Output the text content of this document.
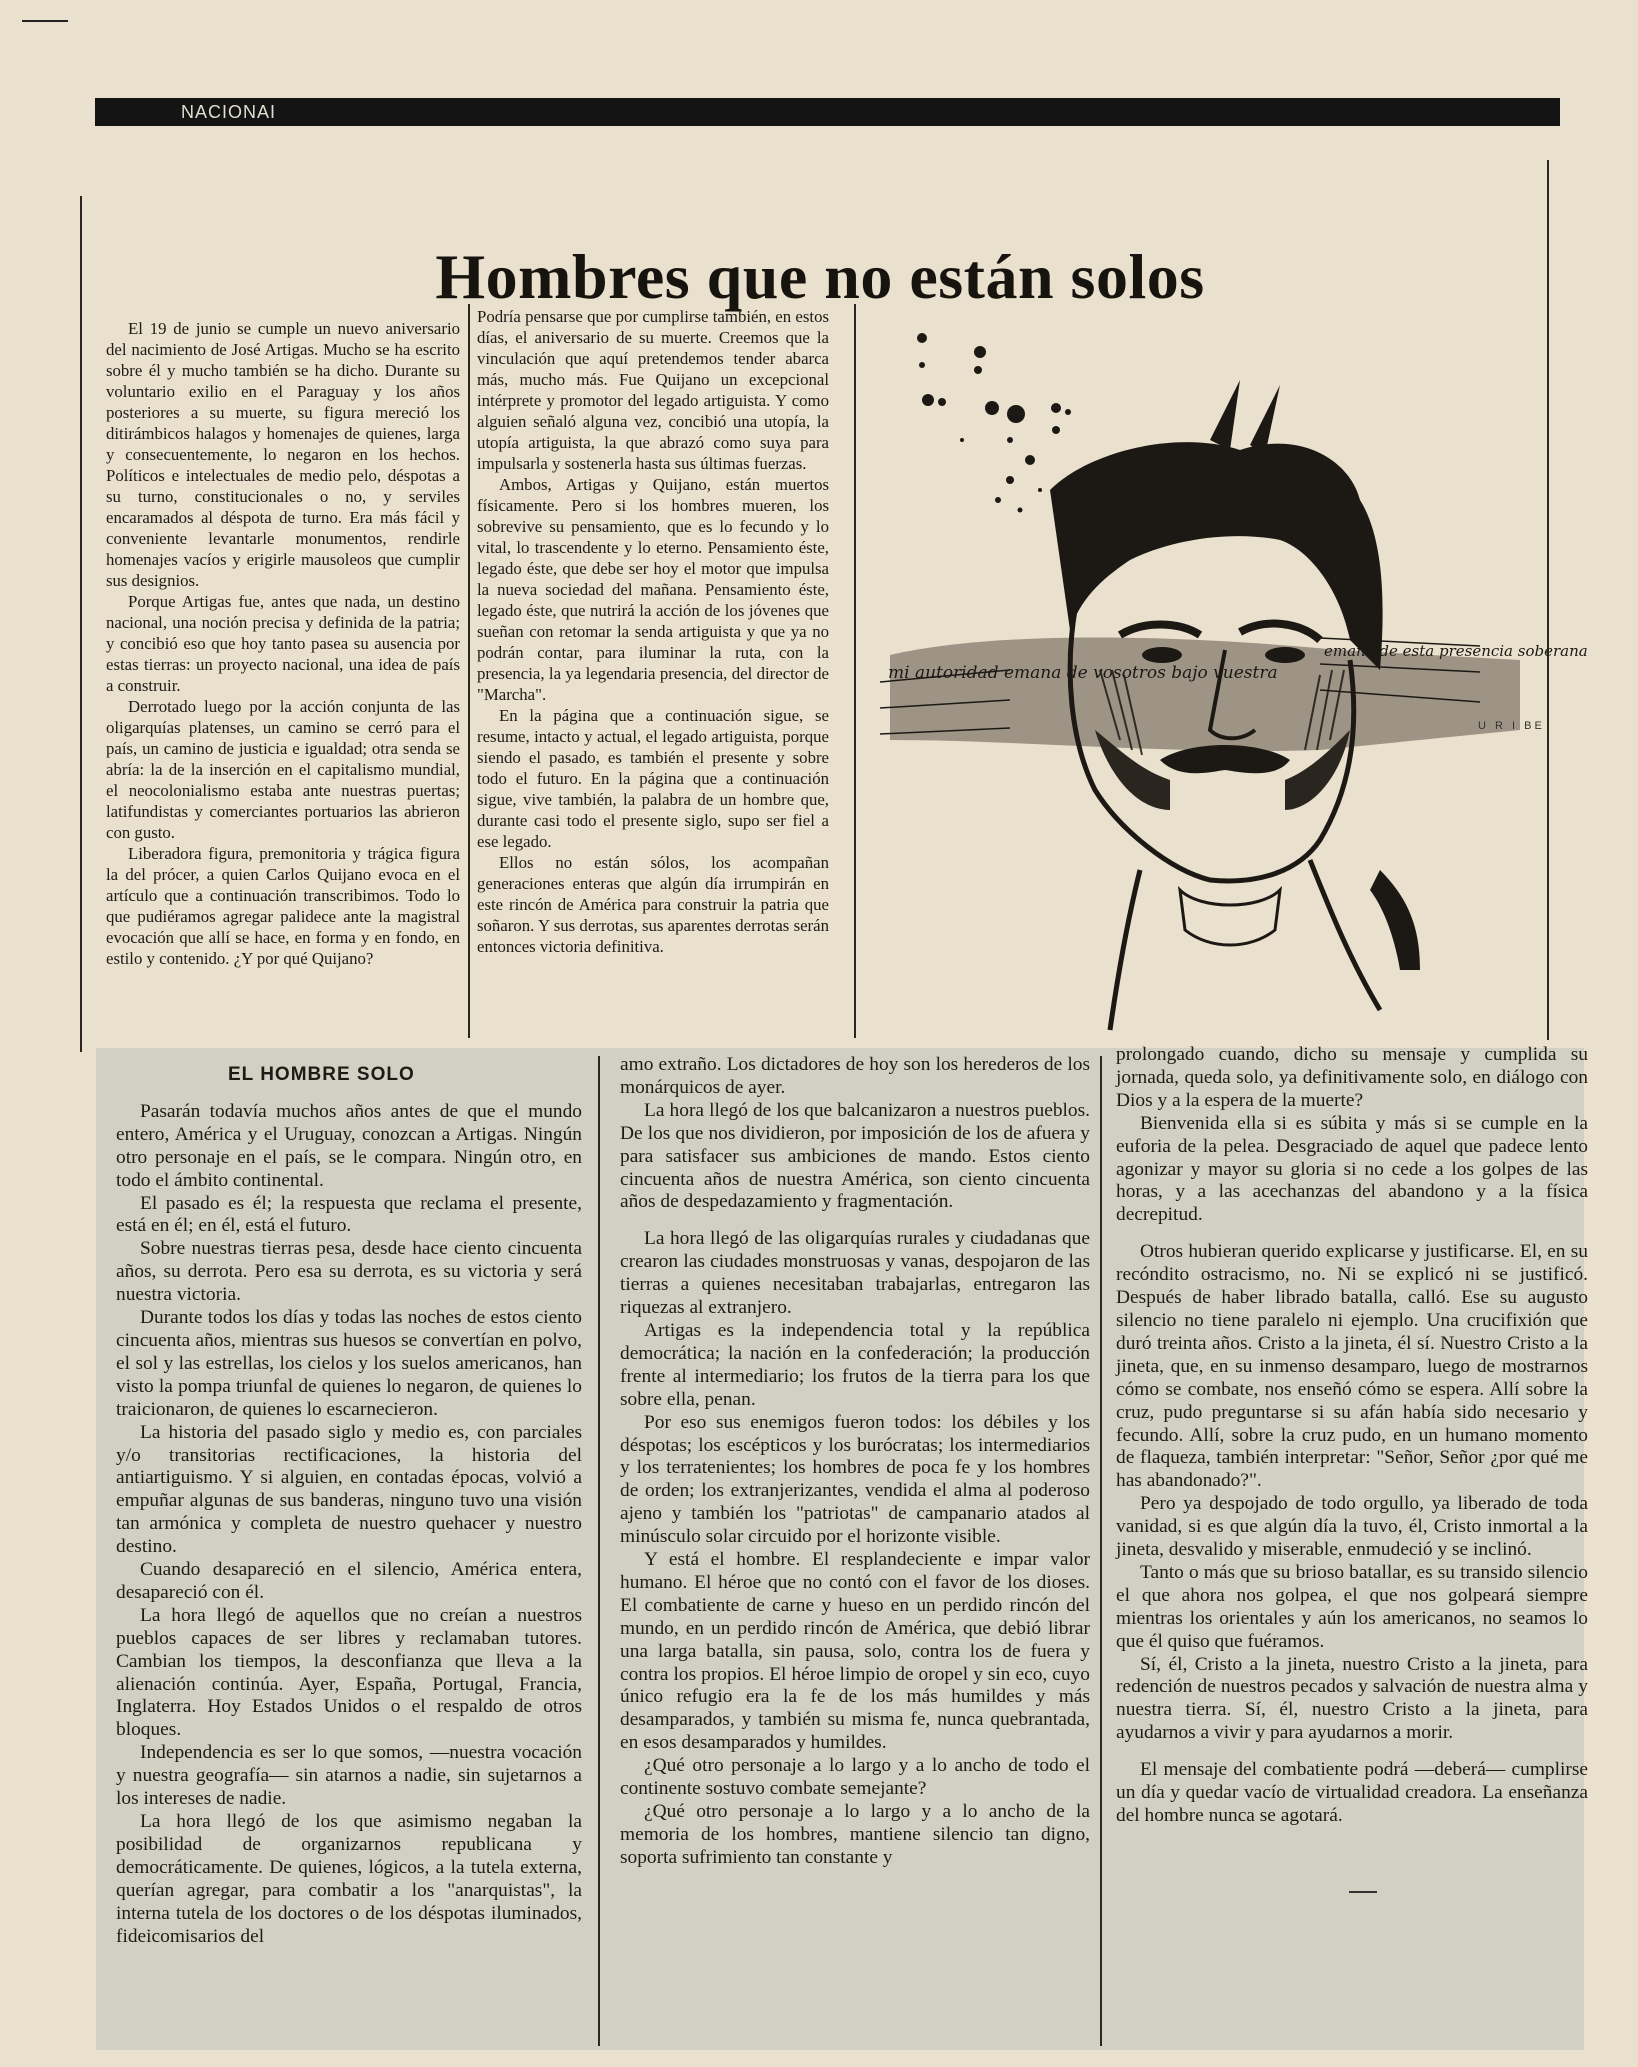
NACIONAI
Hombres que no están solos

El 19 de junio se cumple un nuevo aniversario del nacimiento de José Artigas. Mucho se ha escrito sobre él y mucho también se ha dicho. Durante su voluntario exilio en el Paraguay y los años posteriores a su muerte, su figura mereció los ditirámbicos halagos y homenajes de quienes, larga y consecuentemente, lo negaron en los hechos. Políticos e intelectuales de medio pelo, déspotas a su turno, constitucionales o no, y serviles encaramados al déspota de turno. Era más fácil y conveniente levantarle monumentos, rendirle homenajes vacíos y erigirle mausoleos que cumplir sus designios.

Porque Artigas fue, antes que nada, un destino nacional, una noción precisa y definida de la patria; y concibió eso que hoy tanto pasea su ausencia por estas tierras: un proyecto nacional, una idea de país a construir.

Derrotado luego por la acción conjunta de las oligarquías platenses, un camino se cerró para el país, un camino de justicia e igualdad; otra senda se abría: la de la inserción en el capitalismo mundial, el neocolonialismo estaba ante nuestras puertas; latifundistas y comerciantes portuarios las abrieron con gusto.

Liberadora figura, premonitoria y trágica figura la del prócer, a quien Carlos Quijano evoca en el artículo que a continuación transcribimos. Todo lo que pudiéramos agregar palidece ante la magistral evocación que allí se hace, en forma y en fondo, en estilo y contenido. ¿Y por qué Quijano?

Podría pensarse que por cumplirse también, en estos días, el aniversario de su muerte. Creemos que la vinculación que aquí pretendemos tender abarca más, mucho más. Fue Quijano un excepcional intérprete y promotor del legado artiguista. Y como alguien señaló alguna vez, concibió una utopía, la utopía artiguista, la que abrazó como suya para impulsarla y sostenerla hasta sus últimas fuerzas.

Ambos, Artigas y Quijano, están muertos físicamente. Pero si los hombres mueren, los sobrevive su pensamiento, que es lo fecundo y lo vital, lo trascendente y lo eterno. Pensamiento éste, legado éste, que debe ser hoy el motor que impulsa la nueva sociedad del mañana. Pensamiento éste, legado éste, que nutrirá la acción de los jóvenes que sueñan con retomar la senda artiguista y que ya no podrán contar, para iluminar la ruta, con la presencia, la ya legendaria presencia, del director de "Marcha".

En la página que a continuación sigue, se resume, intacto y actual, el legado artiguista, porque siendo el pasado, es también el presente y sobre todo el futuro. En la página que a continuación sigue, vive también, la palabra de un hombre que, durante casi todo el presente siglo, supo ser fiel a ese legado.

Ellos no están sólos, los acompañan generaciones enteras que algún día irrumpirán en este rincón de América para construir la patria que soñaron. Y sus derrotas, sus aparentes derrotas serán entonces victoria definitiva.

mi autoridad emana de vosotros bajo vuestra
emana de esta presencia soberana
U R I BE
EL HOMBRE SOLO

Pasarán todavía muchos años antes de que el mundo entero, América y el Uruguay, conozcan a Artigas. Ningún otro personaje en el país, se le compara. Ningún otro, en todo el ámbito continental.

El pasado es él; la respuesta que reclama el presente, está en él; en él, está el futuro.

Sobre nuestras tierras pesa, desde hace ciento cincuenta años, su derrota. Pero esa su derrota, es su victoria y será nuestra victoria.

Durante todos los días y todas las noches de estos ciento cincuenta años, mientras sus huesos se convertían en polvo, el sol y las estrellas, los cielos y los suelos americanos, han visto la pompa triunfal de quienes lo negaron, de quienes lo traicionaron, de quienes lo escarnecieron.

La historia del pasado siglo y medio es, con parciales y/o transitorias rectificaciones, la historia del antiartiguismo. Y si alguien, en contadas épocas, volvió a empuñar algunas de sus banderas, ninguno tuvo una visión tan armónica y completa de nuestro quehacer y nuestro destino.

Cuando desapareció en el silencio, América entera, desapareció con él.

La hora llegó de aquellos que no creían a nuestros pueblos capaces de ser libres y reclamaban tutores. Cambian los tiempos, la desconfianza que lleva a la alienación continúa. Ayer, España, Portugal, Francia, Inglaterra. Hoy Estados Unidos o el respaldo de otros bloques.

Independencia es ser lo que somos, —nuestra vocación y nuestra geografía— sin atarnos a nadie, sin sujetarnos a los intereses de nadie.

La hora llegó de los que asimismo negaban la posibilidad de organizarnos republicana y democráticamente. De quienes, lógicos, a la tutela externa, querían agregar, para combatir a los "anarquistas", la interna tutela de los doctores o de los déspotas iluminados, fideicomisarios del

amo extraño. Los dictadores de hoy son los herederos de los monárquicos de ayer.

La hora llegó de los que balcanizaron a nuestros pueblos. De los que nos dividieron, por imposición de los de afuera y para satisfacer sus ambiciones de mando. Estos ciento cincuenta años de nuestra América, son ciento cincuenta años de despedazamiento y fragmentación.

La hora llegó de las oligarquías rurales y ciudadanas que crearon las ciudades monstruosas y vanas, despojaron de las tierras a quienes necesitaban trabajarlas, entregaron las riquezas al extranjero.

Artigas es la independencia total y la república democrática; la nación en la confederación; la producción frente al intermediario; los frutos de la tierra para los que sobre ella, penan.

Por eso sus enemigos fueron todos: los débiles y los déspotas; los escépticos y los burócratas; los intermediarios y los terratenientes; los hombres de poca fe y los hombres de orden; los extranjerizantes, vendida el alma al poderoso ajeno y también los "patriotas" de campanario atados al minúsculo solar circuido por el horizonte visible.

Y está el hombre. El resplandeciente e impar valor humano. El héroe que no contó con el favor de los dioses. El combatiente de carne y hueso en un perdido rincón del mundo, en un perdido rincón de América, que debió librar una larga batalla, sin pausa, solo, contra los de fuera y contra los propios. El héroe limpio de oropel y sin eco, cuyo único refugio era la fe de los más humildes y más desamparados, y también su misma fe, nunca quebrantada, en esos desamparados y humildes.

¿Qué otro personaje a lo largo y a lo ancho de todo el continente sostuvo combate semejante?

¿Qué otro personaje a lo largo y a lo ancho de la memoria de los hombres, mantiene silencio tan digno, soporta sufrimiento tan constante y

prolongado cuando, dicho su mensaje y cumplida su jornada, queda solo, ya definitivamente solo, en diálogo con Dios y a la espera de la muerte?

Bienvenida ella si es súbita y más si se cumple en la euforia de la pelea. Desgraciado de aquel que padece lento agonizar y mayor su gloria si no cede a los golpes de las horas, y a las acechanzas del abandono y a la física decrepitud.

Otros hubieran querido explicarse y justificarse. El, en su recóndito ostracismo, no. Ni se explicó ni se justificó. Después de haber librado batalla, calló. Ese su augusto silencio no tiene paralelo ni ejemplo. Una crucifixión que duró treinta años. Cristo a la jineta, él sí. Nuestro Cristo a la jineta, que, en su inmenso desamparo, luego de mostrarnos cómo se combate, nos enseñó cómo se espera. Allí sobre la cruz, pudo preguntarse si su afán había sido necesario y fecundo. Allí, sobre la cruz pudo, en un humano momento de flaqueza, también interpretar: "Señor, Señor ¿por qué me has abandonado?".

Pero ya despojado de todo orgullo, ya liberado de toda vanidad, si es que algún día la tuvo, él, Cristo inmortal a la jineta, desvalido y miserable, enmudeció y se inclinó.

Tanto o más que su brioso batallar, es su transido silencio el que ahora nos golpea, el que nos golpeará siempre mientras los orientales y aún los americanos, no seamos lo que él quiso que fuéramos.

Sí, él, Cristo a la jineta, nuestro Cristo a la jineta, para redención de nuestros pecados y salvación de nuestra alma y nuestra tierra. Sí, él, nuestro Cristo a la jineta, para ayudarnos a vivir y para ayudarnos a morir.

El mensaje del combatiente podrá —deberá— cumplirse un día y quedar vacío de virtualidad creadora. La enseñanza del hombre nunca se agotará.
